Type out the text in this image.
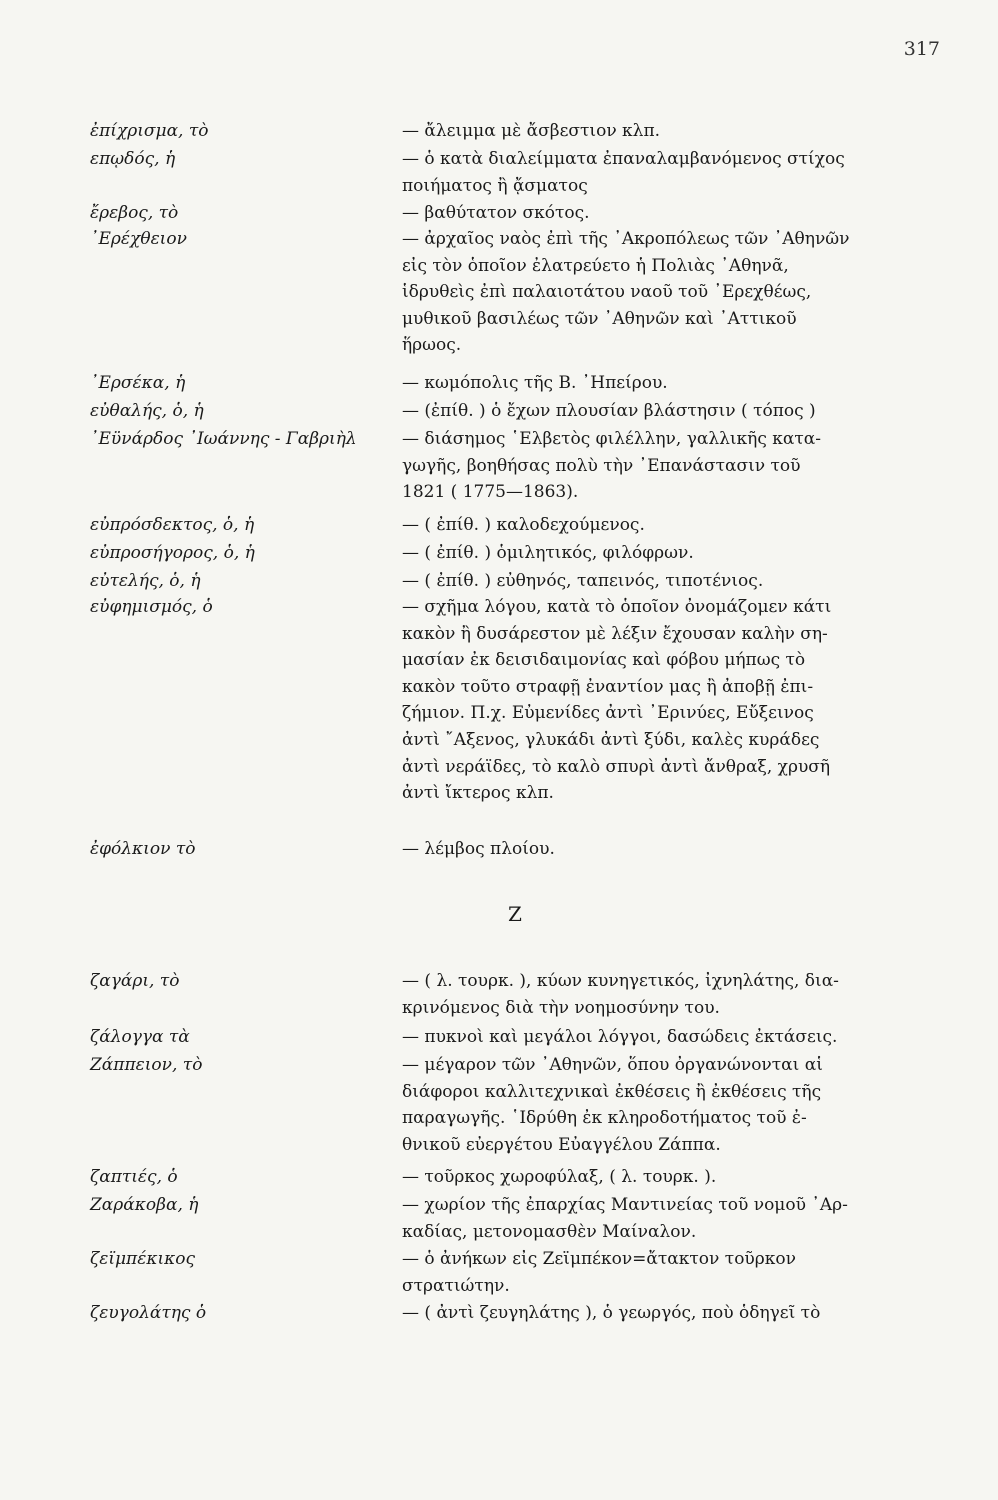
317
ἐπίχρισμα, τὸ	— ἄλειμμα μὲ ἄσβεστιον κλπ.
επῳδός, ἡ	— ὁ κατὰ διαλείμματα ἐπαναλαμβανόμενος στίχος
ποιήματος ἢ ᾄσματος
ἔρεβος, τὸ	— βαθύτατον σκότος.
᾿Ερέχθειον	— ἀρχαῖος ναὸς ἐπὶ τῆς ᾿Ακροπόλεως τῶν ᾿Αθηνῶν
εἰς τὸν ὁποῖον ἐλατρεύετο ἡ Πολιὰς ᾿Αθηνᾶ,
ἱδρυθεὶς ἐπὶ παλαιοτάτου ναοῦ τοῦ ᾿Ερεχθέως,
μυθικοῦ βασιλέως τῶν ᾿Αθηνῶν καὶ ᾿Αττικοῦ
ἥρωος.
᾿Ερσέκα, ἡ	— κωμόπολις τῆς Β. ᾿Ηπείρου.
εὐθαλής, ὁ, ἡ	— (ἐπίθ. ) ὁ ἔχων πλουσίαν βλάστησιν ( τόπος )
᾿Εϋνάρδος ᾿Ιωάννης - Γαβριὴλ	— διάσημος ῾Ελβετὸς φιλέλλην, γαλλικῆς κατα-
γωγῆς, βοηθήσας πολὺ τὴν ᾿Επανάστασιν τοῦ
1821 ( 1775—1863).
εὐπρόσδεκτος, ὁ, ἡ	— ( ἐπίθ. ) καλοδεχούμενος.
εὐπροσήγορος, ὁ, ἡ	— ( ἐπίθ. ) ὁμιλητικός, φιλόφρων.
εὐτελής, ὁ, ἡ	— ( ἐπίθ. ) εὐθηνός, ταπεινός, τιποτένιος.
εὐφημισμός, ὁ	— σχῆμα λόγου, κατὰ τὸ ὁποῖον ὀνομάζομεν κάτι
κακὸν ἢ δυσάρεστον μὲ λέξιν ἔχουσαν καλὴν ση-
μασίαν ἐκ δεισιδαιμονίας καὶ φόβου μήπως τὸ
κακὸν τοῦτο στραφῇ ἐναντίον μας ἢ ἀποβῇ ἐπι-
ζήμιον. Π.χ. Εὐμενίδες ἀντὶ ᾿Ερινύες, Εὔξεινος
ἀντὶ ῎Αξενος, γλυκάδι ἀντὶ ξύδι, καλὲς κυράδες
ἀντὶ νεράϊδες, τὸ καλὸ σπυρὶ ἀντὶ ἄνθραξ, χρυσῆ
ἀντὶ ἴκτερος κλπ.
ἐφόλκιον τὸ	— λέμβος πλοίου.
ζαγάρι, τὸ	— ( λ. τουρκ. ), κύων κυνηγετικός, ἰχνηλάτης, δια-
κρινόμενος διὰ τὴν νοημοσύνην του.
ζάλογγα τὰ	— πυκνοὶ καὶ μεγάλοι λόγγοι, δασώδεις ἐκτάσεις.
Ζάππειον, τὸ	— μέγαρον τῶν ᾿Αθηνῶν, ὅπου ὀργανώνονται αἱ
διάφοροι καλλιτεχνικαὶ ἐκθέσεις ἢ ἐκθέσεις τῆς
παραγωγῆς. ῾Ιδρύθη ἐκ κληροδοτήματος τοῦ ἐ-
θνικοῦ εὐεργέτου Εὐαγγέλου Ζάππα.
ζαπτιές, ὁ	— τοῦρκος χωροφύλαξ, ( λ. τουρκ. ).
Ζαράκοβα, ἡ	— χωρίον τῆς ἐπαρχίας Μαντινείας τοῦ νομοῦ ᾿Αρ-
καδίας, μετονομασθὲν Μαίναλον.
ζεϊμπέκικος	— ὁ ἀνήκων εἰς Ζεϊμπέκον=ἄτακτον τοῦρκον
στρατιώτην.
ζευγολάτης ὁ	— ( ἀντὶ ζευγηλάτης ), ὁ γεωργός, ποὺ ὁδηγεῖ τὸ
Ζ
